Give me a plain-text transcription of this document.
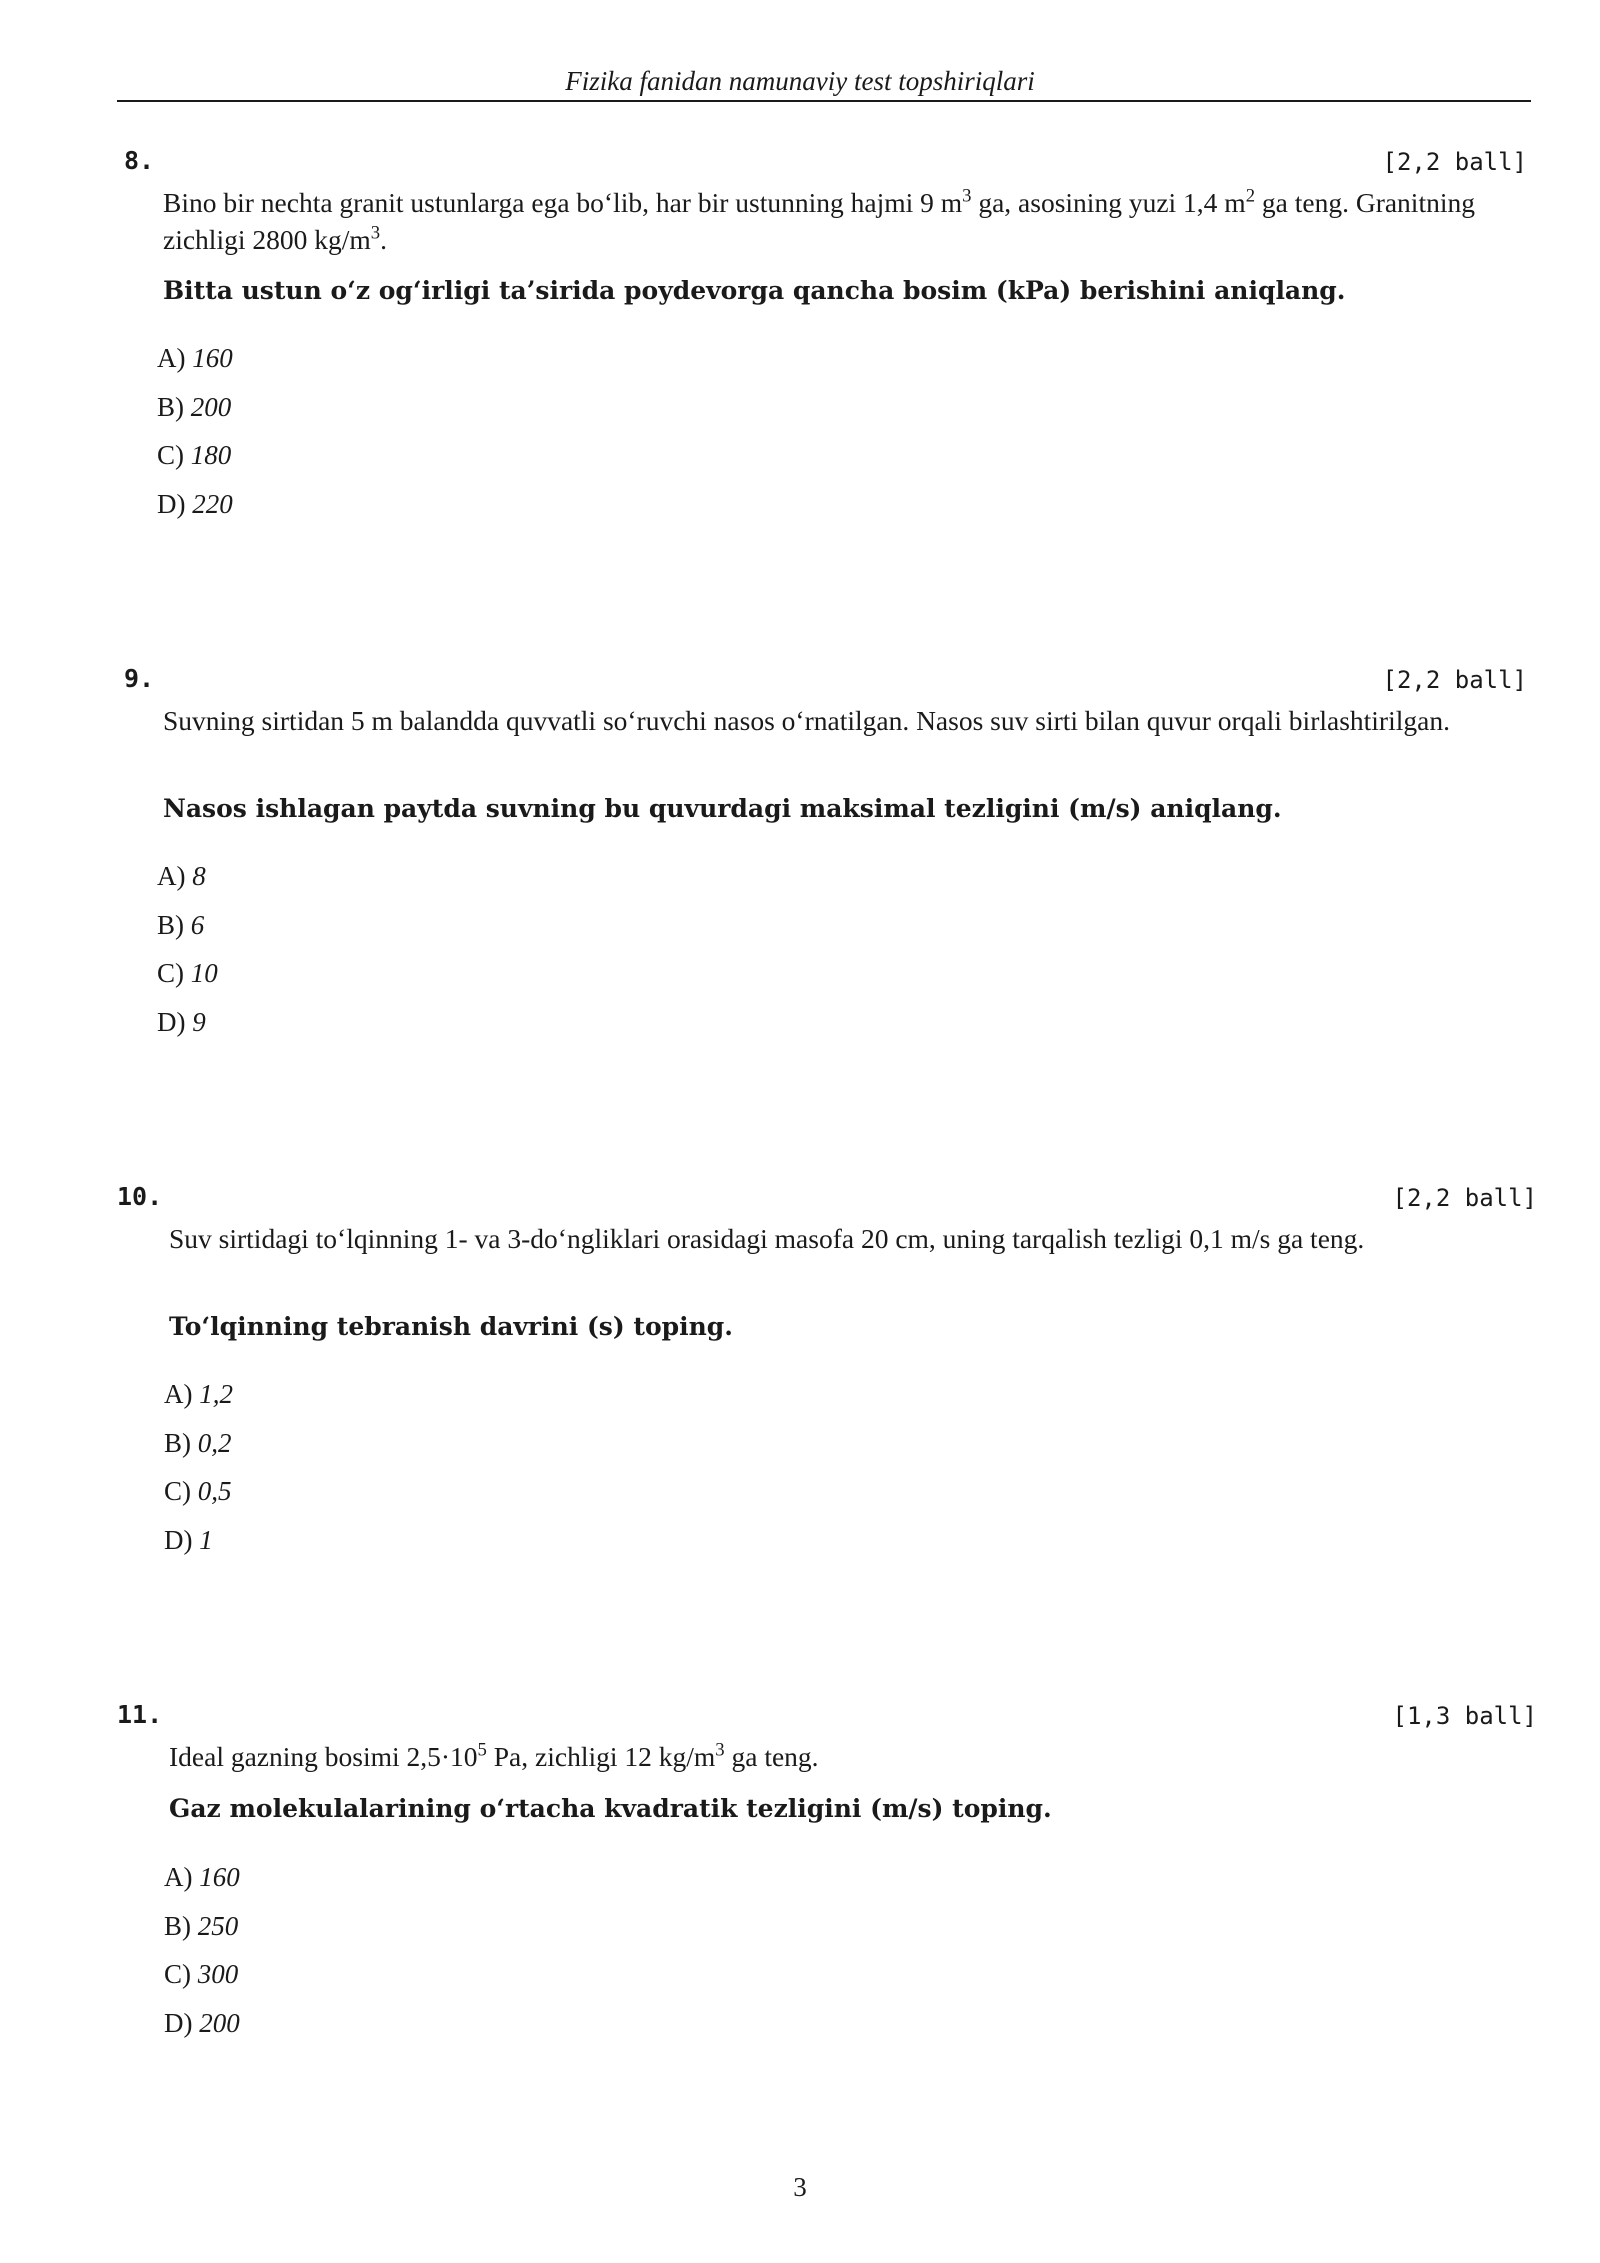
Fizika fanidan namunaviy test topshiriqlari
8.	[2,2 ball]
Bino bir nechta granit ustunlarga ega bo‘lib, har bir ustunning hajmi 9 $m^3$ ga, asosining yuzi 1,4 $m^2$ ga teng. Granitning zichligi 2800 $kg/m^3$.
Bitta ustun o‘z og‘irligi ta’sirida poydevorga qancha bosim (kPa) berishini aniqlang.
A) 160
B) 200
C) 180
D) 220
9.	[2,2 ball]
Suvning sirtidan 5 m balandda quvvatli so‘ruvchi nasos o‘rnatilgan. Nasos suv sirti bilan quvur orqali birlashtirilgan.
Nasos ishlagan paytda suvning bu quvurdagi maksimal tezligini (m/s) aniqlang.
A) 8
B) 6
C) 10
D) 9
10.	[2,2 ball]
Suv sirtidagi to‘lqinning 1- va 3-do‘ngliklari orasidagi masofa 20 cm, uning tarqalish tezligi 0,1 m/s ga teng.
To‘lqinning tebranish davrini (s) toping.
A) 1,2
B) 0,2
C) 0,5
D) 1
11.	[1,3 ball]
Ideal gazning bosimi $2,5\cdot 10^5$ Pa, zichligi 12 $kg/m^3$ ga teng.
Gaz molekulalarining o‘rtacha kvadratik tezligini (m/s) toping.
A) 160
B) 250
C) 300
D) 200
3
